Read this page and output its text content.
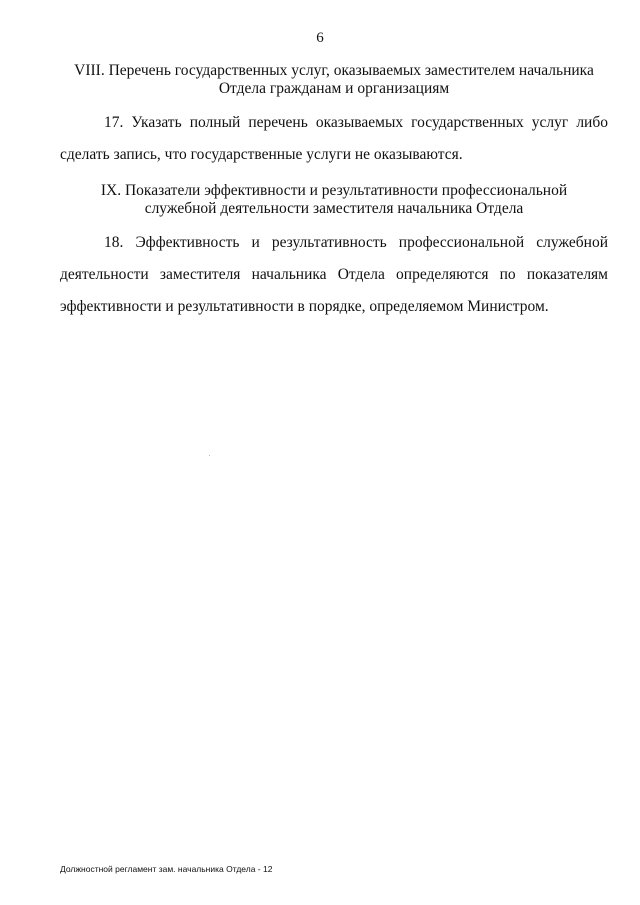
6
VIII. Перечень государственных услуг, оказываемых заместителем начальника
Отдела гражданам и организациям
17. Указать полный перечень оказываемых государственных услуг либо
сделать запись, что государственные услуги не оказываются.
IX. Показатели эффективности и результативности профессиональной
служебной деятельности заместителя начальника Отдела
18. Эффективность и результативность профессиональной служебной
деятельности заместителя начальника Отдела определяются по показателям
эффективности и результативности в порядке, определяемом Министром.
Должностной регламент зам. начальника Отдела - 12
